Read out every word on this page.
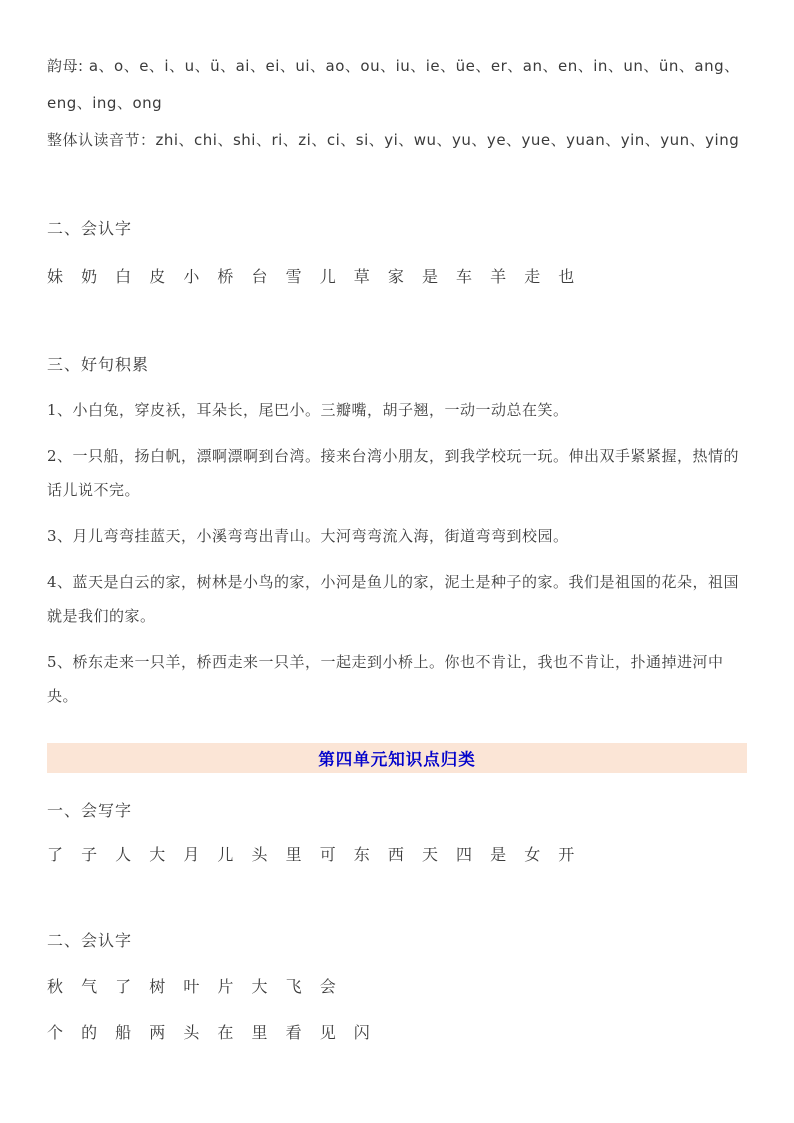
韵母: a、o、e、i、u、ü、ai、ei、ui、ao、ou、iu、ie、üe、er、an、en、in、un、ün、ang、eng、ing、ong

整体认读音节：zhi、chi、shi、ri、zi、ci、si、yi、wu、yu、ye、yue、yuan、yin、yun、ying

二、会认字

妹 奶 白 皮 小 桥 台 雪 儿 草 家 是 车 羊 走 也

三、好句积累

1、小白兔，穿皮袄，耳朵长，尾巴小。三瓣嘴，胡子翘，一动一动总在笑。

2、一只船，扬白帆，漂啊漂啊到台湾。接来台湾小朋友，到我学校玩一玩。伸出双手紧紧握，热情的话儿说不完。

3、月儿弯弯挂蓝天，小溪弯弯出青山。大河弯弯流入海，街道弯弯到校园。

4、蓝天是白云的家，树林是小鸟的家，小河是鱼儿的家，泥土是种子的家。我们是祖国的花朵，祖国就是我们的家。

5、桥东走来一只羊，桥西走来一只羊，一起走到小桥上。你也不肯让，我也不肯让，扑通掉进河中央。

第四单元知识点归类

一、会写字

了 子 人 大 月 儿 头 里 可 东 西 天 四 是 女 开

二、会认字

秋 气 了 树 叶 片 大 飞 会

个 的 船 两 头 在 里 看 见 闪
